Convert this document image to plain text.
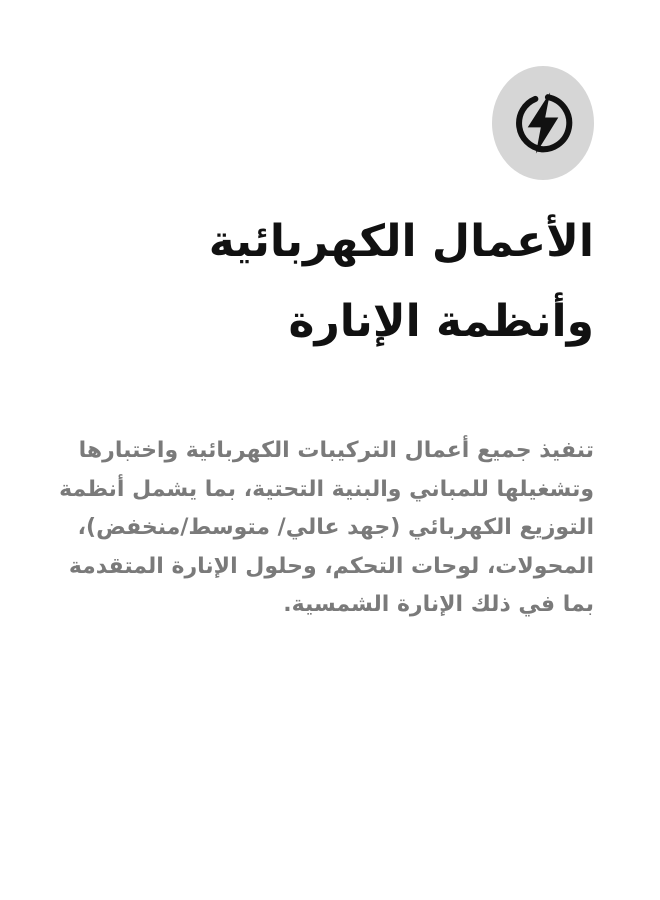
الأعمال الكهربائية
وأنظمة الإنارة

تنفيذ جميع أعمال التركيبات الكهربائية واختبارها وتشغيلها للمباني والبنية التحتية، بما يشمل أنظمة التوزيع الكهربائي (جهد عالي/ متوسط/منخفض)، المحولات، لوحات التحكم، وحلول الإنارة المتقدمة بما في ذلك الإنارة الشمسية.
